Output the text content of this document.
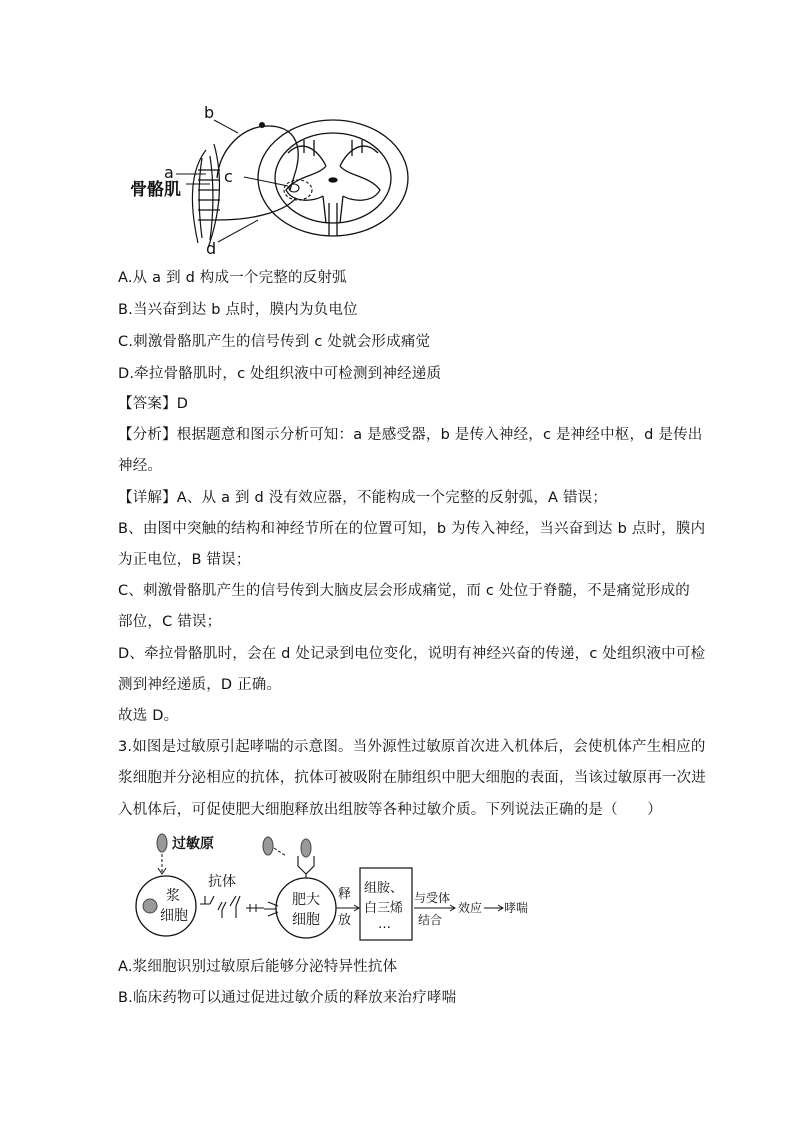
a
骨骼肌
b
c
d
A.从 a 到 d 构成一个完整的反射弧
B.当兴奋到达 b 点时，膜内为负电位
C.刺激骨骼肌产生的信号传到 c 处就会形成痛觉
D.牵拉骨骼肌时，c 处组织液中可检测到神经递质
【答案】D
【分析】根据题意和图示分析可知：a 是感受器，b 是传入神经，c 是神经中枢，d 是传出
神经。
【详解】A、从 a 到 d 没有效应器，不能构成一个完整的反射弧，A 错误；
B、由图中突触的结构和神经节所在的位置可知，b 为传入神经，当兴奋到达 b 点时，膜内
为正电位，B 错误；
C、刺激骨骼肌产生的信号传到大脑皮层会形成痛觉，而 c 处位于脊髓，不是痛觉形成的
部位，C 错误；
D、牵拉骨骼肌时，会在 d 处记录到电位变化，说明有神经兴奋的传递，c 处组织液中可检
测到神经递质，D 正确。
故选 D。
3.如图是过敏原引起哮喘的示意图。当外源性过敏原首次进入机体后，会使机体产生相应的
浆细胞并分泌相应的抗体，抗体可被吸附在肺组织中肥大细胞的表面，当该过敏原再一次进
入机体后，可促使肥大细胞释放出组胺等各种过敏介质。下列说法正确的是（　　）
过敏原
浆
细胞
抗体
肥大
细胞
释
放
组胺、
白三烯
…
与受体
结合
效应 哮喘
A.浆细胞识别过敏原后能够分泌特异性抗体
B.临床药物可以通过促进过敏介质的释放来治疗哮喘
